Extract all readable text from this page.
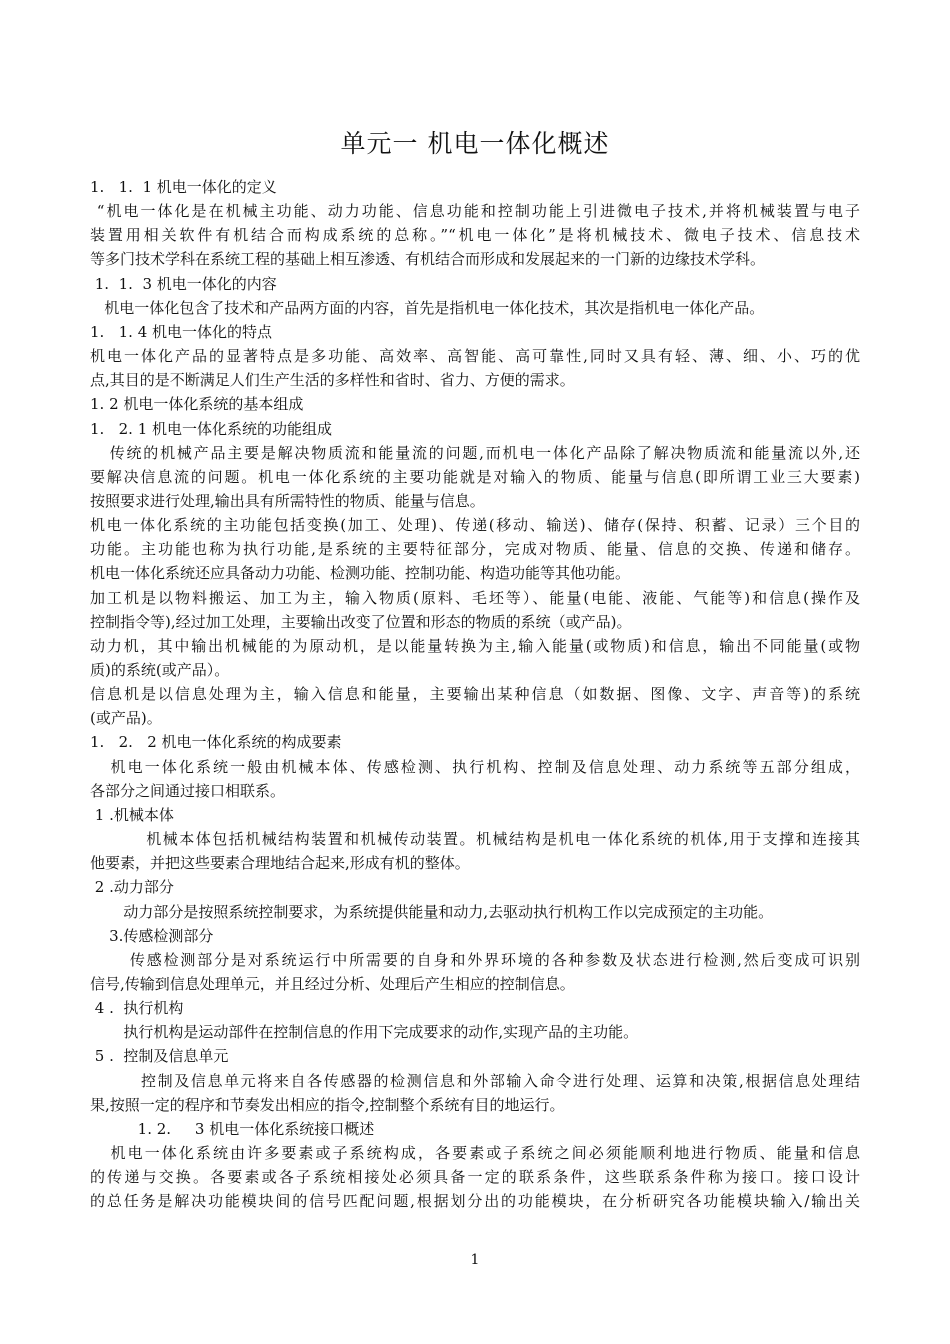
单元一 机电一体化概述
1.   1.  1 机电一体化的定义
“机电一体化是在机械主功能、动力功能、信息功能和控制功能上引进微电子技术,并将机械装置与电子
装置用相关软件有机结合而构成系统的总称。”“机电一体化”是将机械技术、微电子技术、信息技术
等多门技术学科在系统工程的基础上相互渗透、有机结合而形成和发展起来的一门新的边缘技术学科。
1.  1.  3 机电一体化的内容
机电一体化包含了技术和产品两方面的内容，首先是指机电一体化技术，其次是指机电一体化产品。
1.   1. 4 机电一体化的特点
机电一体化产品的显著特点是多功能、高效率、高智能、高可靠性,同时又具有轻、薄、细、小、巧的优
点,其目的是不断满足人们生产生活的多样性和省时、省力、方便的需求。
1. 2 机电一体化系统的基本组成
1.   2. 1 机电一体化系统的功能组成
传统的机械产品主要是解决物质流和能量流的问题,而机电一体化产品除了解决物质流和能量流以外,还
要解决信息流的问题。机电一体化系统的主要功能就是对输入的物质、能量与信息(即所谓工业三大要素)
按照要求进行处理,输出具有所需特性的物质、能量与信息。
机电一体化系统的主功能包括变换(加工、处理)、传递(移动、输送)、储存(保持、积蓄、记录）三个目的
功能。主功能也称为执行功能,是系统的主要特征部分，完成对物质、能量、信息的交换、传递和储存。
机电一体化系统还应具备动力功能、检测功能、控制功能、构造功能等其他功能。
加工机是以物料搬运、加工为主，输入物质(原料、毛坯等）、能量(电能、液能、气能等)和信息(操作及
控制指令等),经过加工处理，主要输出改变了位置和形态的物质的系统（或产品)。
动力机，其中输出机械能的为原动机，是以能量转换为主,输入能量(或物质)和信息，输出不同能量(或物
质)的系统(或产品）。
信息机是以信息处理为主，输入信息和能量，主要输出某种信息（如数据、图像、文字、声音等)的系统
(或产品)。
1.   2.   2 机电一体化系统的构成要素
机电一体化系统一般由机械本体、传感检测、执行机构、控制及信息处理、动力系统等五部分组成，
各部分之间通过接口相联系。
1 .机械本体
机械本体包括机械结构装置和机械传动装置。机械结构是机电一体化系统的机体,用于支撑和连接其
他要素，并把这些要素合理地结合起来,形成有机的整体。
2 .动力部分
动力部分是按照系统控制要求，为系统提供能量和动力,去驱动执行机构工作以完成预定的主功能。
3.传感检测部分
传感检测部分是对系统运行中所需要的自身和外界环境的各种参数及状态进行检测,然后变成可识别
信号,传输到信息处理单元，并且经过分析、处理后产生相应的控制信息。
4 .  执行机构
执行机构是运动部件在控制信息的作用下完成要求的动作,实现产品的主功能。
5 .  控制及信息单元
控制及信息单元将来自各传感器的检测信息和外部输入命令进行处理、运算和决策,根据信息处理结
果,按照一定的程序和节奏发出相应的指令,控制整个系统有目的地运行。
1. 2.     3 机电一体化系统接口概述
机电一体化系统由许多要素或子系统构成，各要素或子系统之间必须能顺利地进行物质、能量和信息
的传递与交换。各要素或各子系统相接处必须具备一定的联系条件，这些联系条件称为接口。接口设计
的总任务是解决功能模块间的信号匹配问题,根据划分出的功能模块，在分析研究各功能模块输入/输出关
1
